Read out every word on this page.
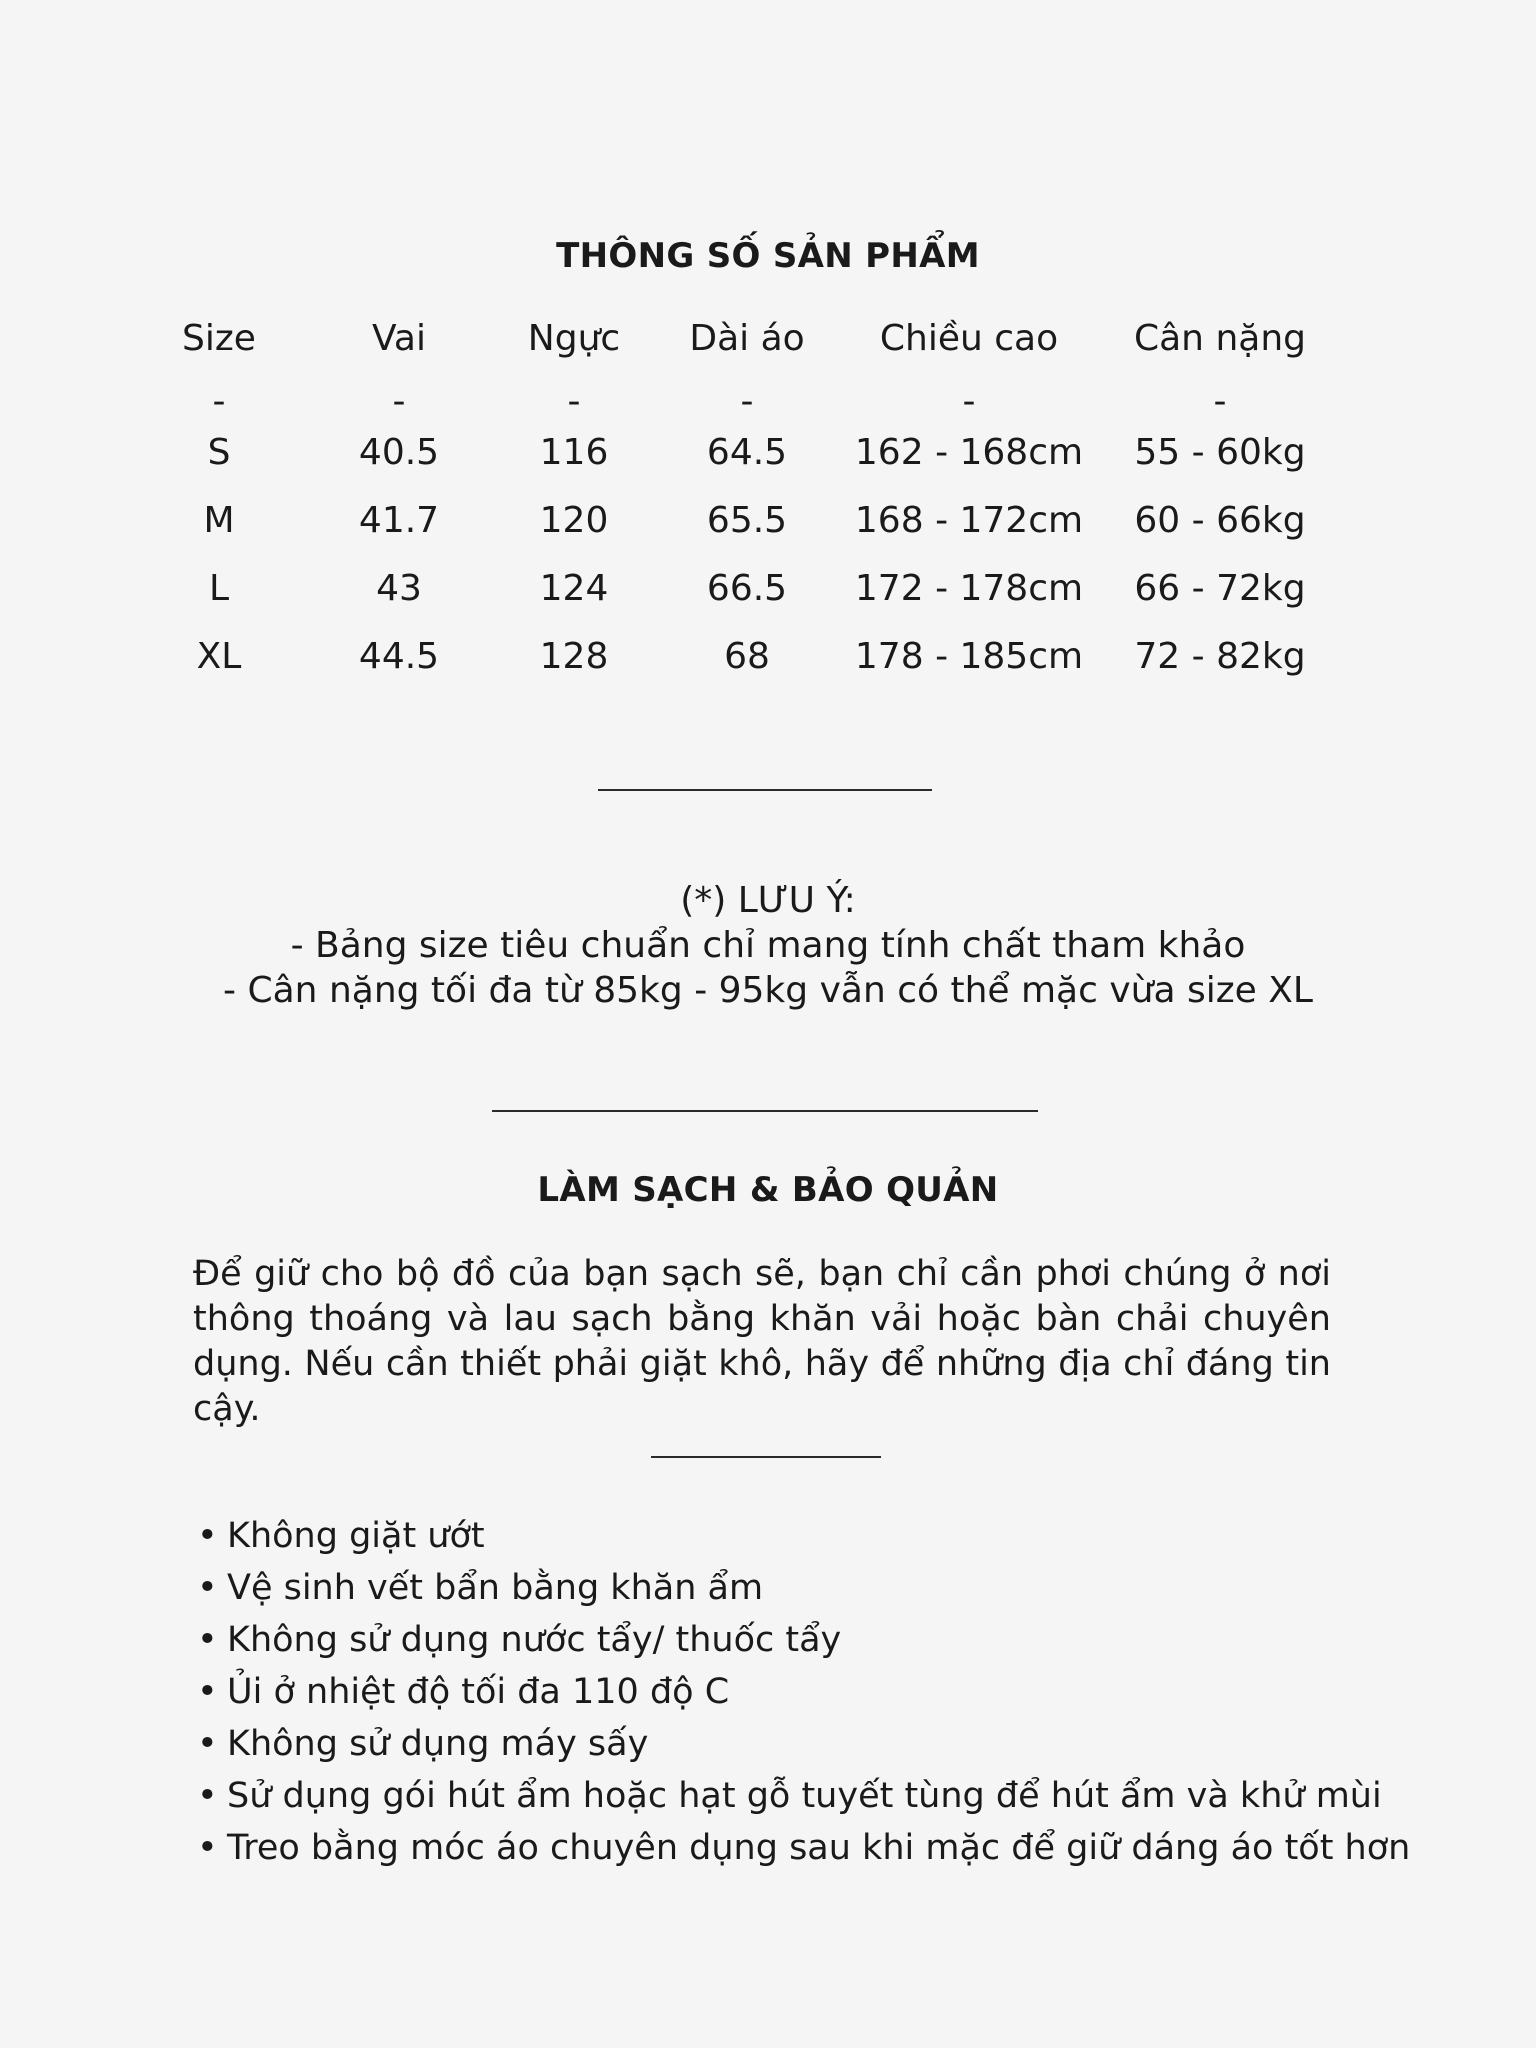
THÔNG SỐ SẢN PHẨM
Size
-
S
M
L
XL
Vai
-
40.5
41.7
43
44.5
Ngực
-
116
120
124
128
Dài áo
-
64.5
65.5
66.5
68
Chiều cao
-
162 - 168cm
168 - 172cm
172 - 178cm
178 - 185cm
Cân nặng
-
55 - 60kg
60 - 66kg
66 - 72kg
72 - 82kg
(*) LƯU Ý:
- Bảng size tiêu chuẩn chỉ mang tính chất tham khảo
- Cân nặng tối đa từ 85kg - 95kg vẫn có thể mặc vừa size XL
LÀM SẠCH & BẢO QUẢN
Để giữ cho bộ đồ của bạn sạch sẽ, bạn chỉ cần phơi chúng ở nơi thông thoáng và lau sạch bằng khăn vải hoặc bàn chải chuyên dụng. Nếu cần thiết phải giặt khô, hãy để những địa chỉ đáng tin cậy.
• Không giặt ướt
• Vệ sinh vết bẩn bằng khăn ẩm
• Không sử dụng nước tẩy/ thuốc tẩy
• Ủi ở nhiệt độ tối đa 110 độ C
• Không sử dụng máy sấy
• Sử dụng gói hút ẩm hoặc hạt gỗ tuyết tùng để hút ẩm và khử mùi
• Treo bằng móc áo chuyên dụng sau khi mặc để giữ dáng áo tốt hơn
